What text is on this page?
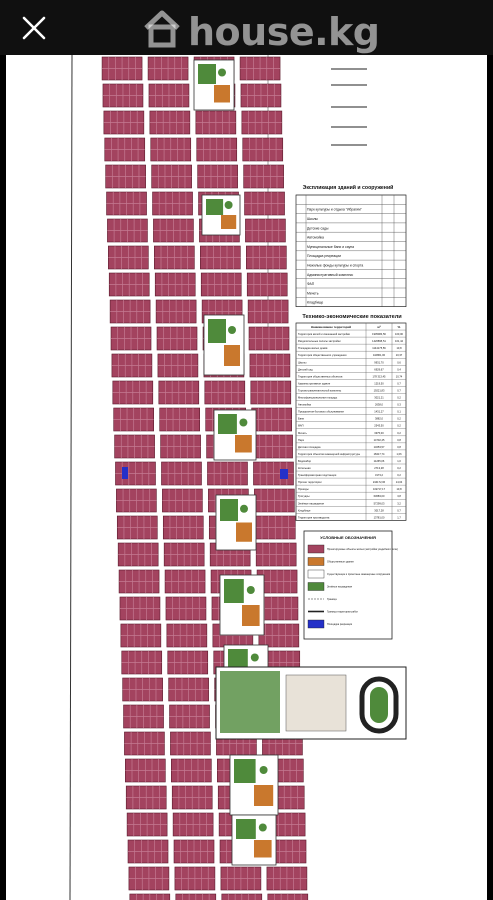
Экспликация зданий и сооружений
Парк культуры и отдыха "Ибрагим"
Школы
Детские сады
Автомойка
Муниципальные бани и сауна
Площадка рекреации
Нежилые фонды культуры и спорта
Административный комплекс
ФАП
Мечеть
Кладбище
Технико-экономические показатели
Наименование территорий	м²	%
Территория жилой и смешанной застройки	1905084,56	100,00
Разделительные полосы застройки	1420895,51	101,44
Площадка жилых домов	1144175,56	10,8
Территория общественного учреждения	110861,00	10,37
Школы	9931,70	0,6
Детский сад	6929,67	0,4
Территория общественных объектов	178 313,45	10,74
Административное здание	1219,50	0,7
Торгово-развлекательный комплекс	19221,83	0,7
Многофункциональная площадь	3021,21	0,2
Автомойка	2638,0	0,3
Предприятия бытового обслуживания	1431,27	0,1
Бани	3882,0	0,2
ФАП	2543,50	0,2
Мечеть	3375,00	0,2
Парк	14702,45	0,8
Детская площадка	13253,57	0,8
Территория объектов инженерной инфраструктуры	18417,74	1,06
Водозабор	11265,06	1,0
Котельная	2713,28	0,2
Трансформаторная подстанция	3173,2	0,2
Прочие территории	244172,06	14,04
Проезды	119717,17	10,8
Тротуары	63683,00	3,8
Зелёные насаждения	57299,03	3,2
Кладбище	3017,28	0,7
Территория производства	13781,00	1,7
УСЛОВНЫЕ ОБОЗНАЧЕНИЯ
Проектируемые объекты жилья (застройка усадебного типа)
Общественные здания
Существующие и проектные инженерные сооружения
Зелёные насаждения
Граница
Граница территории работ
Площадка рекреации
house.kg
